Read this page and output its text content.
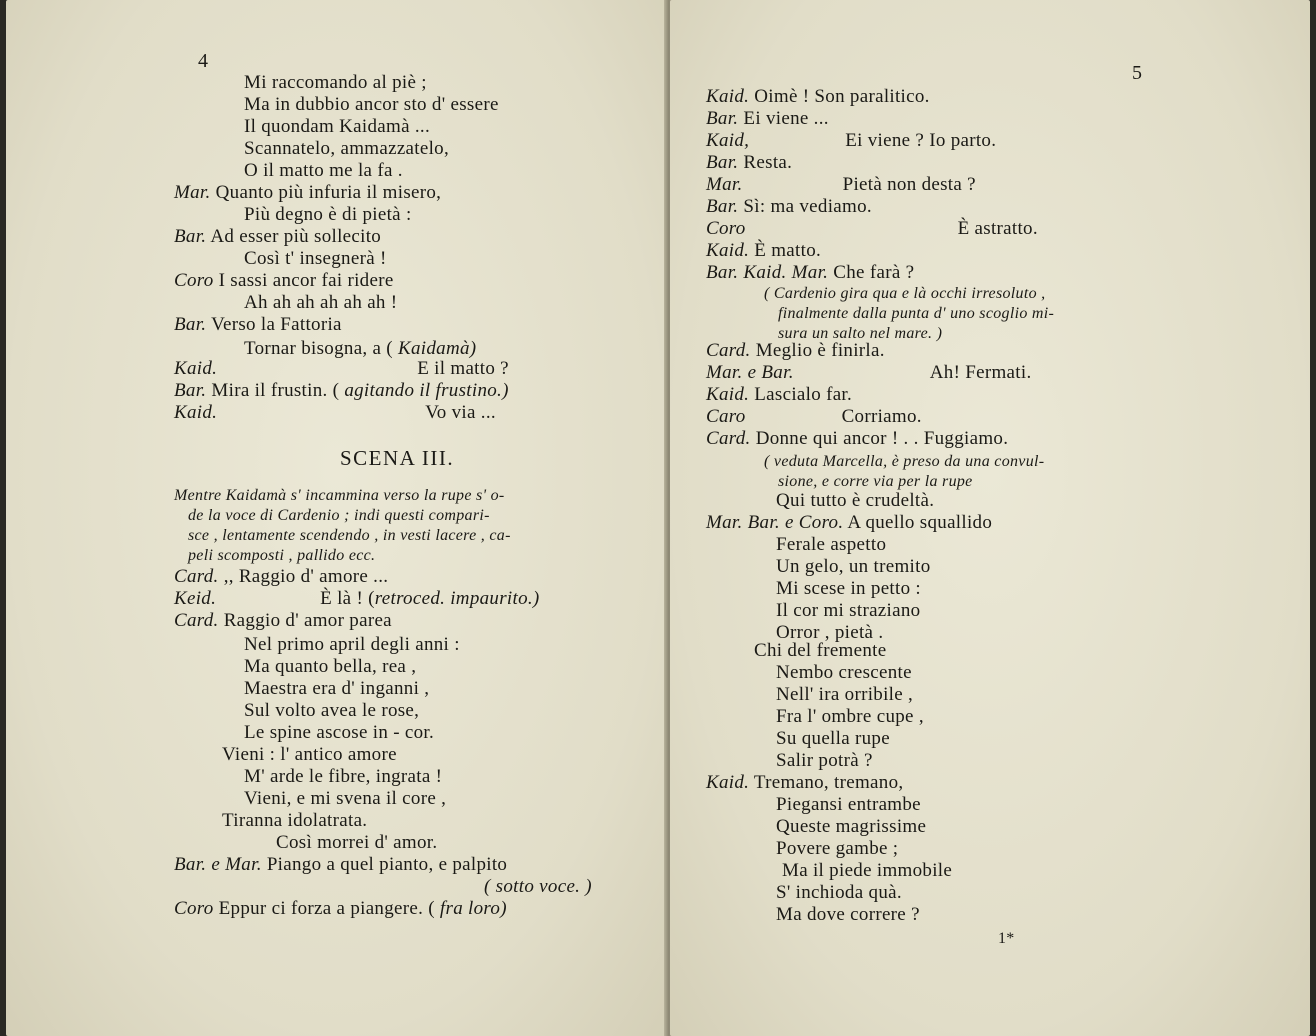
4
Mi raccomando al piè ;
Ma in dubbio ancor sto d' essere
Il quondam Kaidamà ...
Scannatelo, ammazzatelo,
O il matto me la fa .
Mar. Quanto più infuria il misero,
Più degno è di pietà :
Bar. Ad esser più sollecito
Così t' insegnerà !
Coro I sassi ancor fai ridere
Ah ah ah ah ah ah !
Bar. Verso la Fattoria
Tornar bisogna, a ( Kaidamà)
Kaid.	E il matto ?
Bar. Mira il frustin. ( agitando il frustino.)
Kaid.	Vo via ...
SCENA III.
Mentre Kaidamà s' incammina verso la rupe s' o-
de la voce di Cardenio ; indi questi compari-
sce , lentamente scendendo , in vesti lacere , ca-
peli scomposti , pallido ecc.
Card. ,, Raggio d' amore ...
Keid.	È là ! (retroced. impaurito.)
Card. Raggio d' amor parea
Nel primo april degli anni :
Ma quanto bella, rea ,
Maestra era d' inganni ,
Sul volto avea le rose,
Le spine ascose in - cor.
Vieni : l' antico amore
M' arde le fibre, ingrata !
Vieni, e mi svena il core ,
Tiranna idolatrata.
Così morrei d' amor.
Bar. e Mar. Piango a quel pianto, e palpito
( sotto voce. )
Coro Eppur ci forza a piangere. ( fra loro)
5
Kaid. Oimè ! Son paralitico.
Bar. Ei viene ...
Kaid,	Ei viene ? Io parto.
Bar. Resta.
Mar.	Pietà non desta ?
Bar. Sì: ma vediamo.
Coro	È astratto.
Kaid. È matto.
Bar. Kaid. Mar. Che farà ?
( Cardenio gira qua e là occhi irresoluto ,
finalmente dalla punta d' uno scoglio mi-
sura un salto nel mare. )
Card. Meglio è finirla.
Mar. e Bar.	Ah! Fermati.
Kaid. Lascialo far.
Caro	Corriamo.
Card. Donne qui ancor ! . . Fuggiamo.
( veduta Marcella, è preso da una convul-
sione, e corre via per la rupe
Qui tutto è crudeltà.
Mar. Bar. e Coro. A quello squallido
Ferale aspetto
Un gelo, un tremito
Mi scese in petto :
Il cor mi straziano
Orror , pietà .
Chi del fremente
Nembo crescente
Nell' ira orribile ,
Fra l' ombre cupe ,
Su quella rupe
Salir potrà ?
Kaid. Tremano, tremano,
Piegansi entrambe
Queste magrissime
Povere gambe ;
Ma il piede immobile
S' inchioda quà.
Ma dove correre ?
1*
